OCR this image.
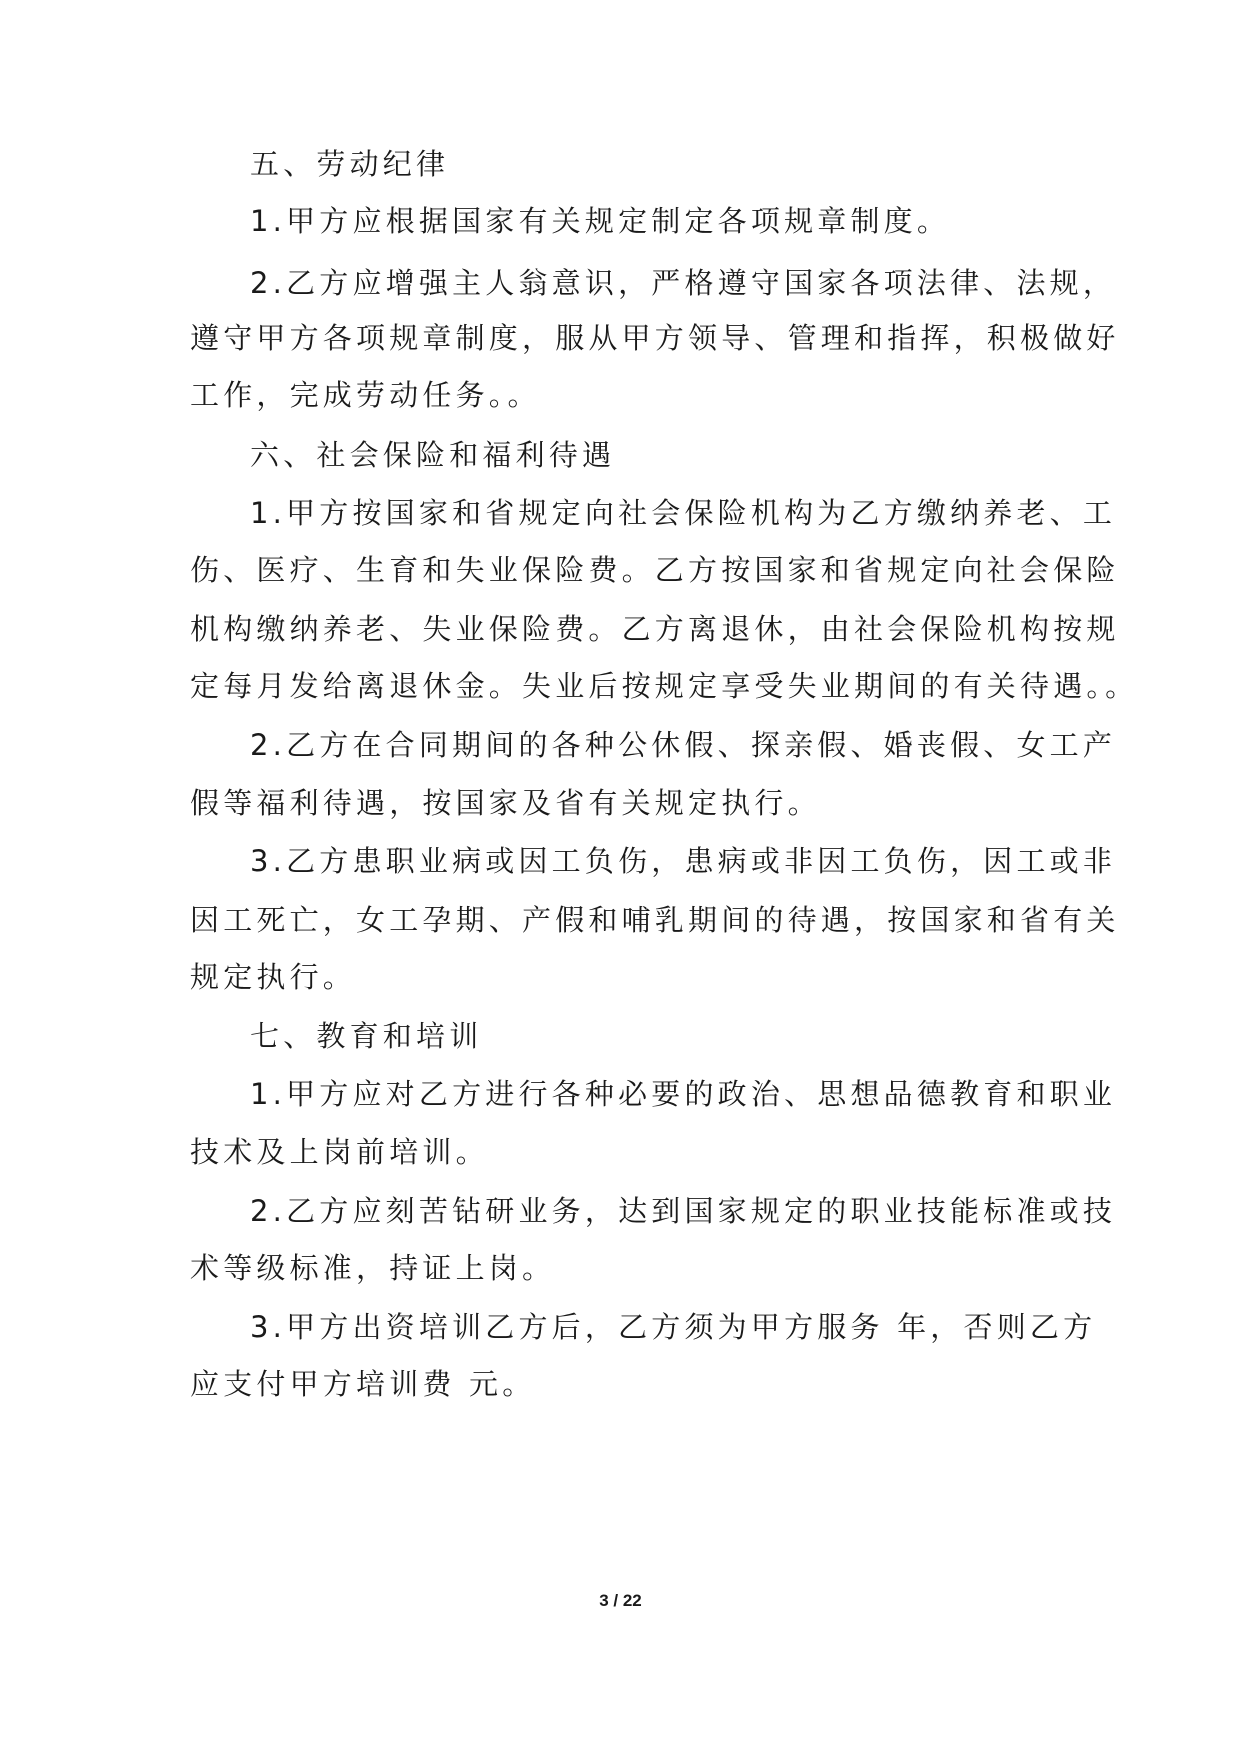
五、劳动纪律
1.甲方应根据国家有关规定制定各项规章制度。
2.乙方应增强主人翁意识，严格遵守国家各项法律、法规，
遵守甲方各项规章制度，服从甲方领导、管理和指挥，积极做好
工作，完成劳动任务。。
六、社会保险和福利待遇
1.甲方按国家和省规定向社会保险机构为乙方缴纳养老、工
伤、医疗、生育和失业保险费。乙方按国家和省规定向社会保险
机构缴纳养老、失业保险费。乙方离退休，由社会保险机构按规
定每月发给离退休金。失业后按规定享受失业期间的有关待遇。。
2.乙方在合同期间的各种公休假、探亲假、婚丧假、女工产
假等福利待遇，按国家及省有关规定执行。
3.乙方患职业病或因工负伤，患病或非因工负伤，因工或非
因工死亡，女工孕期、产假和哺乳期间的待遇，按国家和省有关
规定执行。
七、教育和培训
1.甲方应对乙方进行各种必要的政治、思想品德教育和职业
技术及上岗前培训。
2.乙方应刻苦钻研业务，达到国家规定的职业技能标准或技
术等级标准，持证上岗。
3.甲方出资培训乙方后，乙方须为甲方服务 年，否则乙方
应支付甲方培训费 元。
3 / 22
